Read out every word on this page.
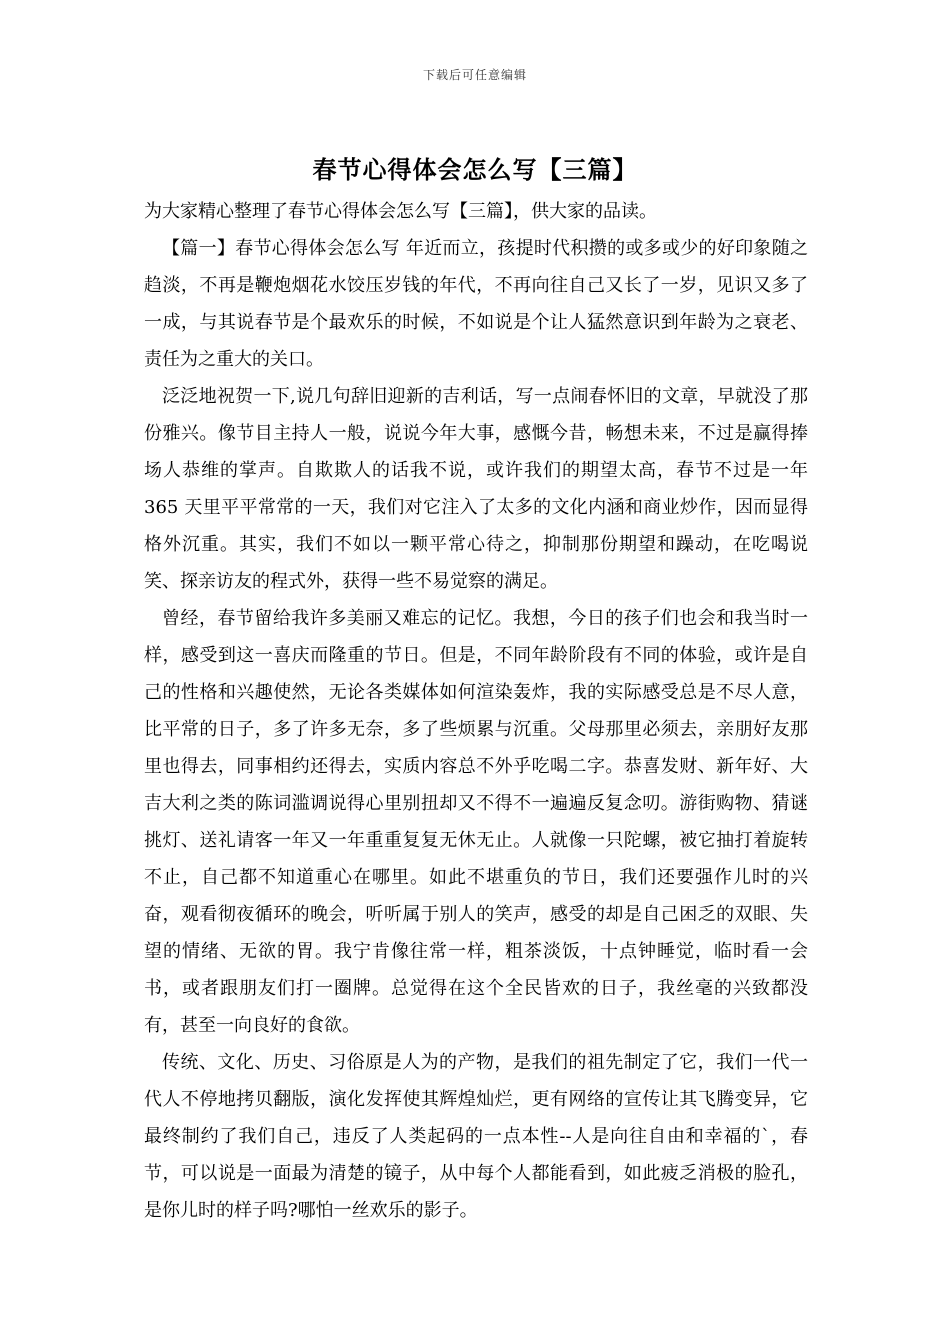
下载后可任意编辑
春节心得体会怎么写【三篇】

为大家精心整理了春节心得体会怎么写【三篇】，供大家的品读。

【篇一】春节心得体会怎么写 年近而立，孩提时代积攒的或多或少的好印象随之趋淡，不再是鞭炮烟花水饺压岁钱的年代，不再向往自己又长了一岁，见识又多了一成，与其说春节是个最欢乐的时候，不如说是个让人猛然意识到年龄为之衰老、责任为之重大的关口。

泛泛地祝贺一下,说几句辞旧迎新的吉利话，写一点闹春怀旧的文章，早就没了那份雅兴。像节目主持人一般，说说今年大事，感慨今昔，畅想未来，不过是赢得捧场人恭维的掌声。自欺欺人的话我不说，或许我们的期望太高，春节不过是一年 365 天里平平常常的一天，我们对它注入了太多的文化内涵和商业炒作，因而显得格外沉重。其实，我们不如以一颗平常心待之，抑制那份期望和躁动，在吃喝说笑、探亲访友的程式外，获得一些不易觉察的满足。

曾经，春节留给我许多美丽又难忘的记忆。我想，今日的孩子们也会和我当时一样，感受到这一喜庆而隆重的节日。但是，不同年龄阶段有不同的体验，或许是自己的性格和兴趣使然，无论各类媒体如何渲染轰炸，我的实际感受总是不尽人意，比平常的日子，多了许多无奈，多了些烦累与沉重。父母那里必须去，亲朋好友那里也得去，同事相约还得去，实质内容总不外乎吃喝二字。恭喜发财、新年好、大吉大利之类的陈词滥调说得心里别扭却又不得不一遍遍反复念叨。游街购物、猜谜挑灯、送礼请客一年又一年重重复复无休无止。人就像一只陀螺，被它抽打着旋转不止，自己都不知道重心在哪里。如此不堪重负的节日，我们还要强作儿时的兴奋，观看彻夜循环的晚会，听听属于别人的笑声，感受的却是自己困乏的双眼、失望的情绪、无欲的胃。我宁肯像往常一样，粗茶淡饭，十点钟睡觉，临时看一会书，或者跟朋友们打一圈牌。总觉得在这个全民皆欢的日子，我丝毫的兴致都没有，甚至一向良好的食欲。

传统、文化、历史、习俗原是人为的产物，是我们的祖先制定了它，我们一代一代人不停地拷贝翻版，演化发挥使其辉煌灿烂，更有网络的宣传让其飞腾变异，它最终制约了我们自己，违反了人类起码的一点本性--人是向往自由和幸福的`，春节，可以说是一面最为清楚的镜子，从中每个人都能看到，如此疲乏消极的脸孔，是你儿时的样子吗?哪怕一丝欢乐的影子。
